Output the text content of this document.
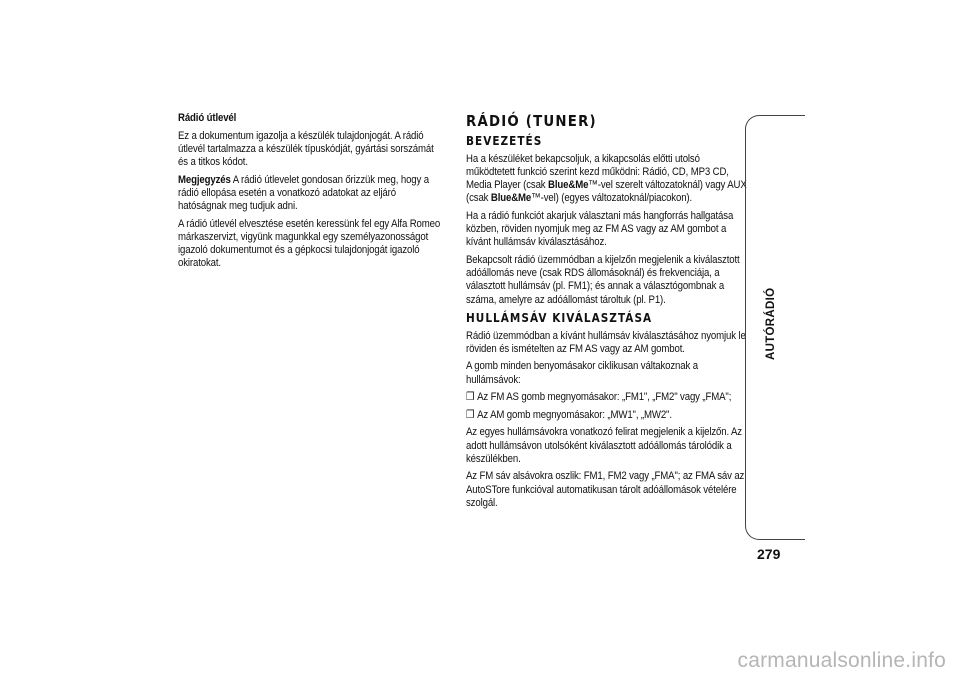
Rádió útlevél

Ez a dokumentum igazolja a készülék tulajdonjogát. A rádió útlevél tartalmazza a készülék típuskódját, gyártási sorszámát és a titkos kódot.

Megjegyzés A rádió útlevelet gondosan őrizzük meg, hogy a rádió ellopása esetén a vonatkozó adatokat az eljáró hatóságnak meg tudjuk adni.

A rádió útlevél elvesztése esetén keressünk fel egy Alfa Romeo márkaszervizt, vigyünk magunkkal egy személyazonosságot igazoló dokumentumot és a gépkocsi tulajdonjogát igazoló okiratokat.

RÁDIÓ (TUNER)

BEVEZETÉS

Ha a készüléket bekapcsoljuk, a kikapcsolás előtti utolsó működtetett funkció szerint kezd működni: Rádió, CD, MP3 CD, Media Player (csak Blue&Me™-vel szerelt változatoknál) vagy AUX (csak Blue&Me™-vel) (egyes változatoknál/piacokon).

Ha a rádió funkciót akarjuk választani más hangforrás hallgatása közben, röviden nyomjuk meg az FM AS vagy az AM gombot a kívánt hullámsáv kiválasztásához.

Bekapcsolt rádió üzemmódban a kijelzőn megjelenik a kiválasztott adóállomás neve (csak RDS állomásoknál) és frekvenciája, a választott hullámsáv (pl. FM1); és annak a választógombnak a száma, amelyre az adóállomást tároltuk (pl. P1).

HULLÁMSÁV KIVÁLASZTÁSA

Rádió üzemmódban a kívánt hullámsáv kiválasztásához nyomjuk le röviden és ismételten az FM AS vagy az AM gombot.

A gomb minden benyomásakor ciklikusan váltakoznak a hullámsávok:

❒ Az FM AS gomb megnyomásakor: „FM1", „FM2" vagy „FMA";

❒ Az AM gomb megnyomásakor: „MW1", „MW2".

Az egyes hullámsávokra vonatkozó felirat megjelenik a kijelzőn. Az adott hullámsávon utolsóként kiválasztott adóállomás tárolódik a készülékben.

Az FM sáv alsávokra oszlik: FM1, FM2 vagy „FMA"; az FMA sáv az AutoSTore funkcióval automatikusan tárolt adóállomások vételére szolgál.

AUTÓRÁDIÓ
279
carmanualsonline.info
